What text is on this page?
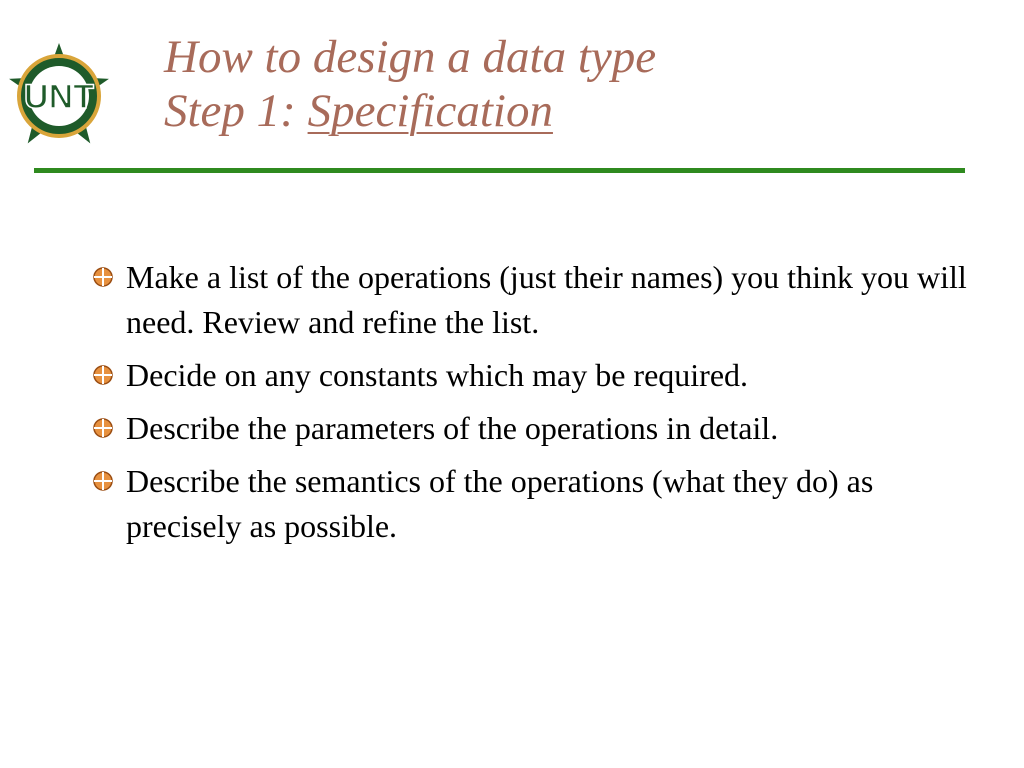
UNT
How to design a data type
Step 1: Specification
Make a list of the operations (just their names) you think you will need. Review and refine the list.
Decide on any constants which may be required.
Describe the parameters of the operations in detail.
Describe the semantics of the operations (what they do) as precisely as possible.
